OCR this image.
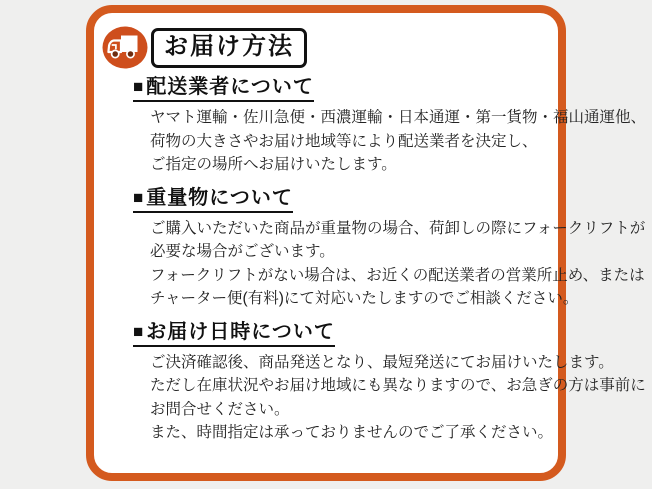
お届け方法
■ 配送業者について
ヤマト運輸・佐川急便・西濃運輸・日本通運・第一貨物・福山通運他、
荷物の大きさやお届け地域等により配送業者を決定し、
ご指定の場所へお届けいたします。
■ 重量物について
ご購入いただいた商品が重量物の場合、荷卸しの際にフォークリフトが
必要な場合がございます。
フォークリフトがない場合は、お近くの配送業者の営業所止め、または
チャーター便(有料)にて対応いたしますのでご相談ください。
■ お届け日時について
ご決済確認後、商品発送となり、最短発送にてお届けいたします。
ただし在庫状況やお届け地域にも異なりますので、お急ぎの方は事前に
お問合せください。
また、時間指定は承っておりませんのでご了承ください。
